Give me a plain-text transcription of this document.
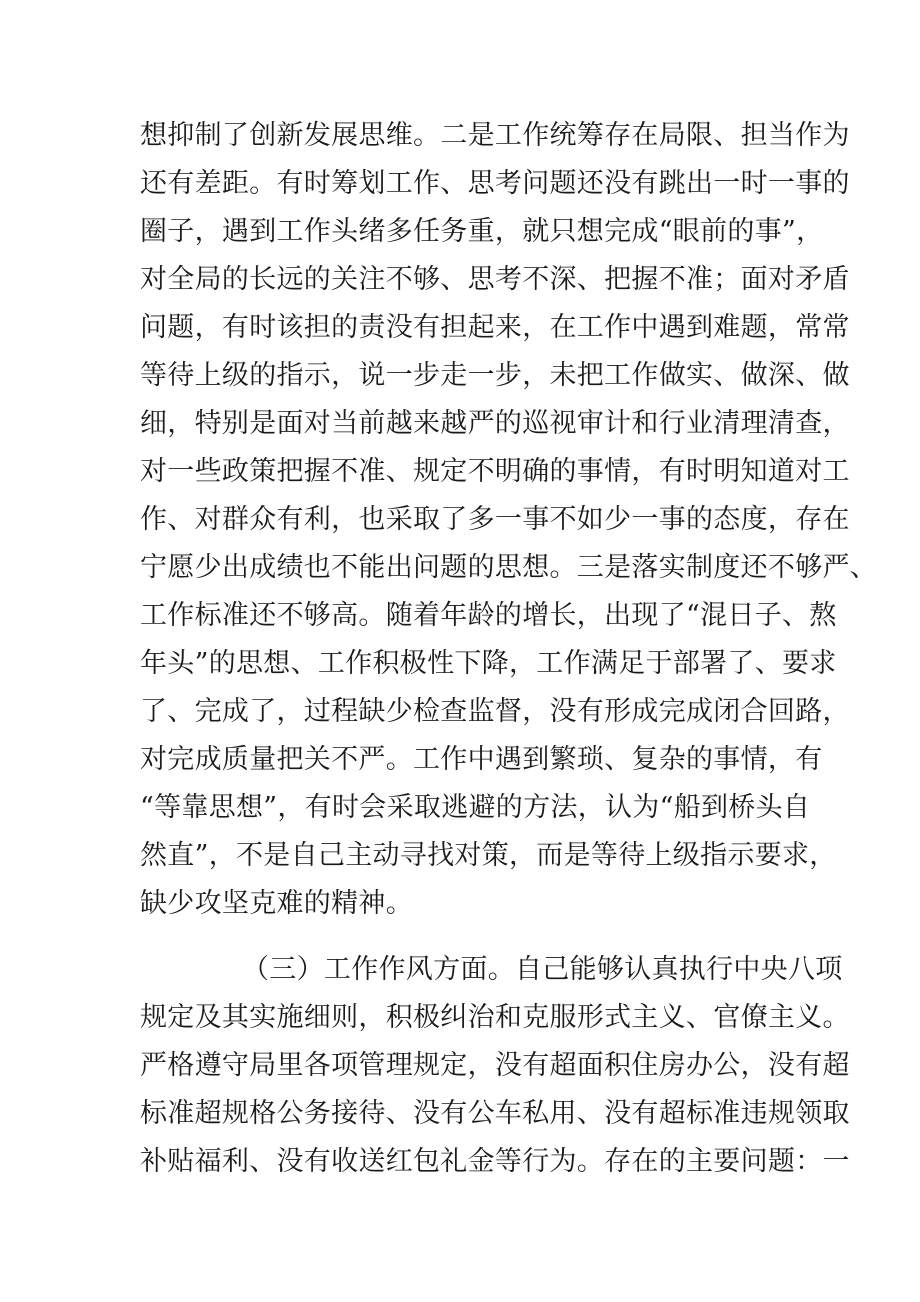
想抑制了创新发展思维。二是工作统筹存在局限、担当作为
还有差距。有时筹划工作、思考问题还没有跳出一时一事的
圈子，遇到工作头绪多任务重，就只想完成“眼前的事”，
对全局的长远的关注不够、思考不深、把握不准；面对矛盾
问题，有时该担的责没有担起来，在工作中遇到难题，常常
等待上级的指示，说一步走一步，未把工作做实、做深、做
细，特别是面对当前越来越严的巡视审计和行业清理清查，
对一些政策把握不准、规定不明确的事情，有时明知道对工
作、对群众有利，也采取了多一事不如少一事的态度，存在
宁愿少出成绩也不能出问题的思想。三是落实制度还不够严、
工作标准还不够高。随着年龄的增长，出现了“混日子、熬
年头”的思想、工作积极性下降，工作满足于部署了、要求
了、完成了，过程缺少检查监督，没有形成完成闭合回路，
对完成质量把关不严。工作中遇到繁琐、复杂的事情，有
“等靠思想”，有时会采取逃避的方法，认为“船到桥头自
然直”，不是自己主动寻找对策，而是等待上级指示要求，
缺少攻坚克难的精神。
（三）工作作风方面。自己能够认真执行中央八项
规定及其实施细则，积极纠治和克服形式主义、官僚主义。
严格遵守局里各项管理规定，没有超面积住房办公，没有超
标准超规格公务接待、没有公车私用、没有超标准违规领取
补贴福利、没有收送红包礼金等行为。存在的主要问题：一
